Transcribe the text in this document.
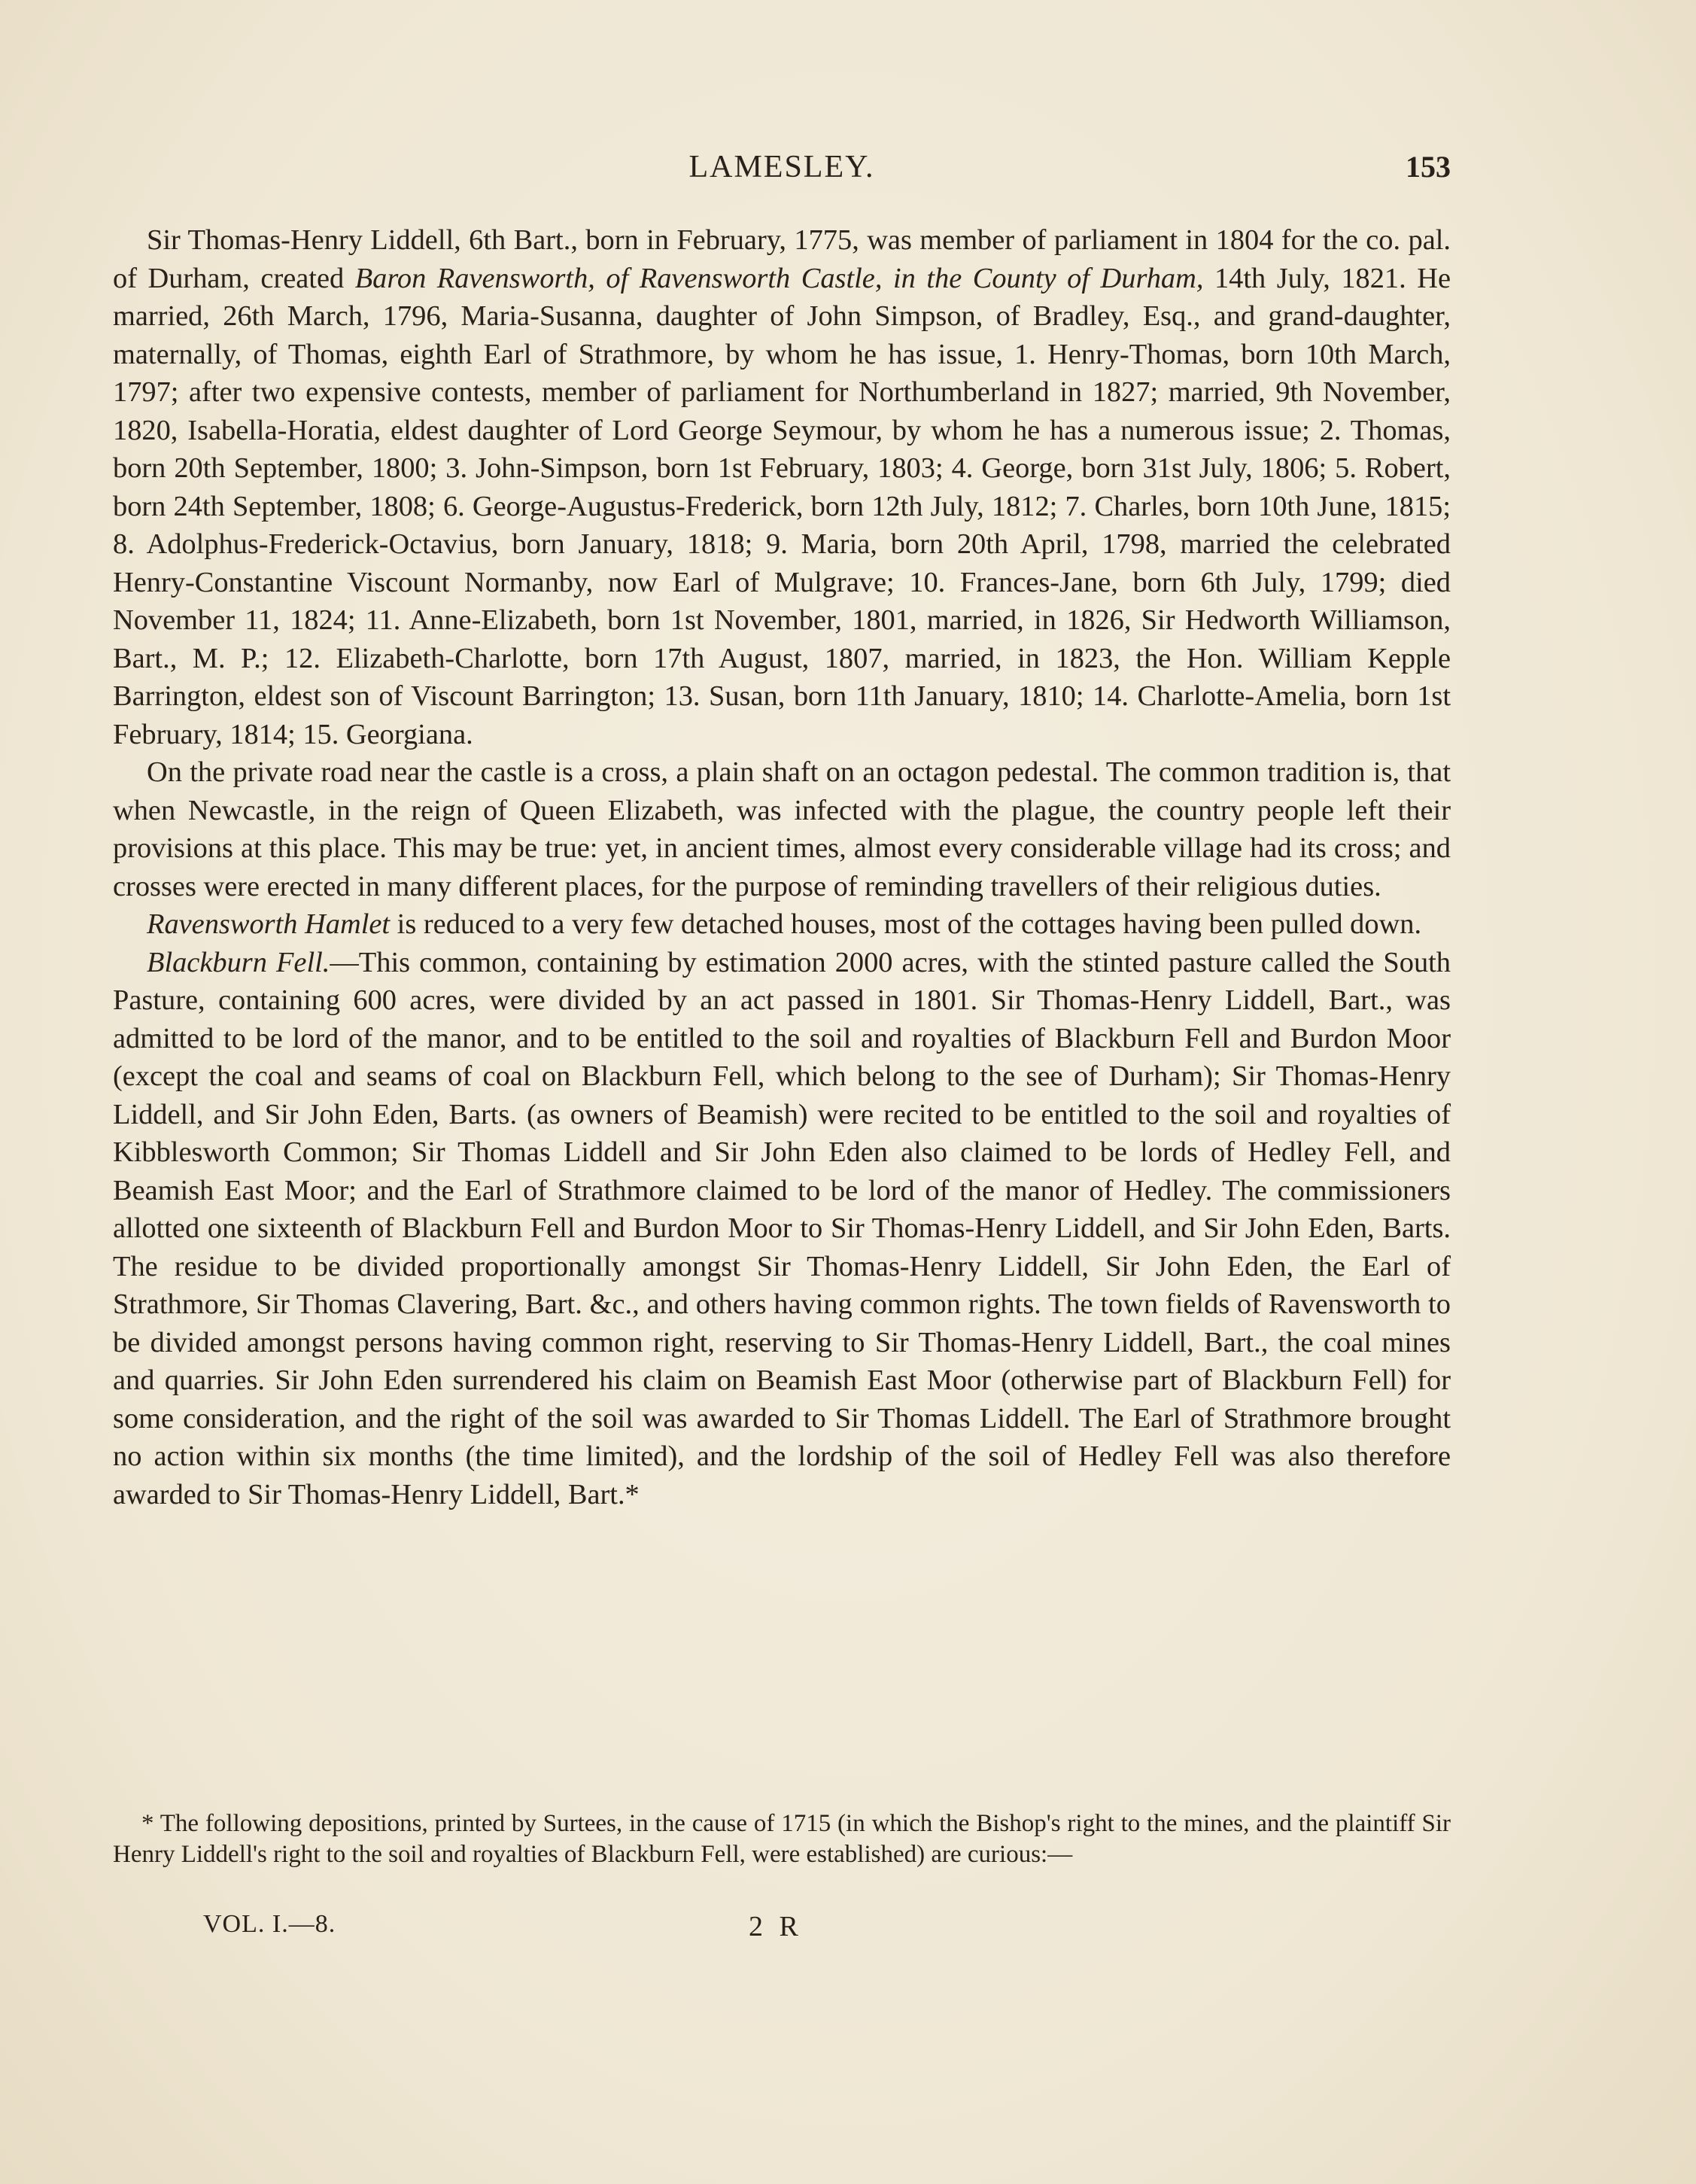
LAMESLEY.	153

Sir Thomas-Henry Liddell, 6th Bart., born in February, 1775, was member of parliament in 1804 for the co. pal. of Durham, created Baron Ravensworth, of Ravensworth Castle, in the County of Durham, 14th July, 1821. He married, 26th March, 1796, Maria-Susanna, daughter of John Simpson, of Bradley, Esq., and grand-daughter, maternally, of Thomas, eighth Earl of Strathmore, by whom he has issue, 1. Henry-Thomas, born 10th March, 1797; after two expensive contests, member of parliament for Northumberland in 1827; married, 9th November, 1820, Isabella-Horatia, eldest daughter of Lord George Seymour, by whom he has a numerous issue; 2. Thomas, born 20th September, 1800; 3. John-Simpson, born 1st February, 1803; 4. George, born 31st July, 1806; 5. Robert, born 24th September, 1808; 6. George-Augustus-Frederick, born 12th July, 1812; 7. Charles, born 10th June, 1815; 8. Adolphus-Frederick-Octavius, born January, 1818; 9. Maria, born 20th April, 1798, married the celebrated Henry-Constantine Viscount Normanby, now Earl of Mulgrave; 10. Frances-Jane, born 6th July, 1799; died November 11, 1824; 11. Anne-Elizabeth, born 1st November, 1801, married, in 1826, Sir Hedworth Williamson, Bart., M. P.; 12. Elizabeth-Charlotte, born 17th August, 1807, married, in 1823, the Hon. William Kepple Barrington, eldest son of Viscount Barrington; 13. Susan, born 11th January, 1810; 14. Charlotte-Amelia, born 1st February, 1814; 15. Georgiana.

On the private road near the castle is a cross, a plain shaft on an octagon pedestal. The common tradition is, that when Newcastle, in the reign of Queen Elizabeth, was infected with the plague, the country people left their provisions at this place. This may be true: yet, in ancient times, almost every considerable village had its cross; and crosses were erected in many different places, for the purpose of reminding travellers of their religious duties.

Ravensworth Hamlet is reduced to a very few detached houses, most of the cottages having been pulled down.

Blackburn Fell.—This common, containing by estimation 2000 acres, with the stinted pasture called the South Pasture, containing 600 acres, were divided by an act passed in 1801. Sir Thomas-Henry Liddell, Bart., was admitted to be lord of the manor, and to be entitled to the soil and royalties of Blackburn Fell and Burdon Moor (except the coal and seams of coal on Blackburn Fell, which belong to the see of Durham); Sir Thomas-Henry Liddell, and Sir John Eden, Barts. (as owners of Beamish) were recited to be entitled to the soil and royalties of Kibblesworth Common; Sir Thomas Liddell and Sir John Eden also claimed to be lords of Hedley Fell, and Beamish East Moor; and the Earl of Strathmore claimed to be lord of the manor of Hedley. The commissioners allotted one sixteenth of Blackburn Fell and Burdon Moor to Sir Thomas-Henry Liddell, and Sir John Eden, Barts. The residue to be divided proportionally amongst Sir Thomas-Henry Liddell, Sir John Eden, the Earl of Strathmore, Sir Thomas Clavering, Bart. &c., and others having common rights. The town fields of Ravensworth to be divided amongst persons having common right, reserving to Sir Thomas-Henry Liddell, Bart., the coal mines and quarries. Sir John Eden surrendered his claim on Beamish East Moor (otherwise part of Blackburn Fell) for some consideration, and the right of the soil was awarded to Sir Thomas Liddell. The Earl of Strathmore brought no action within six months (the time limited), and the lordship of the soil of Hedley Fell was also therefore awarded to Sir Thomas-Henry Liddell, Bart.*

* The following depositions, printed by Surtees, in the cause of 1715 (in which the Bishop's right to the mines, and the plaintiff Sir Henry Liddell's right to the soil and royalties of Blackburn Fell, were established) are curious:—

VOL. I.—8.	2 R
